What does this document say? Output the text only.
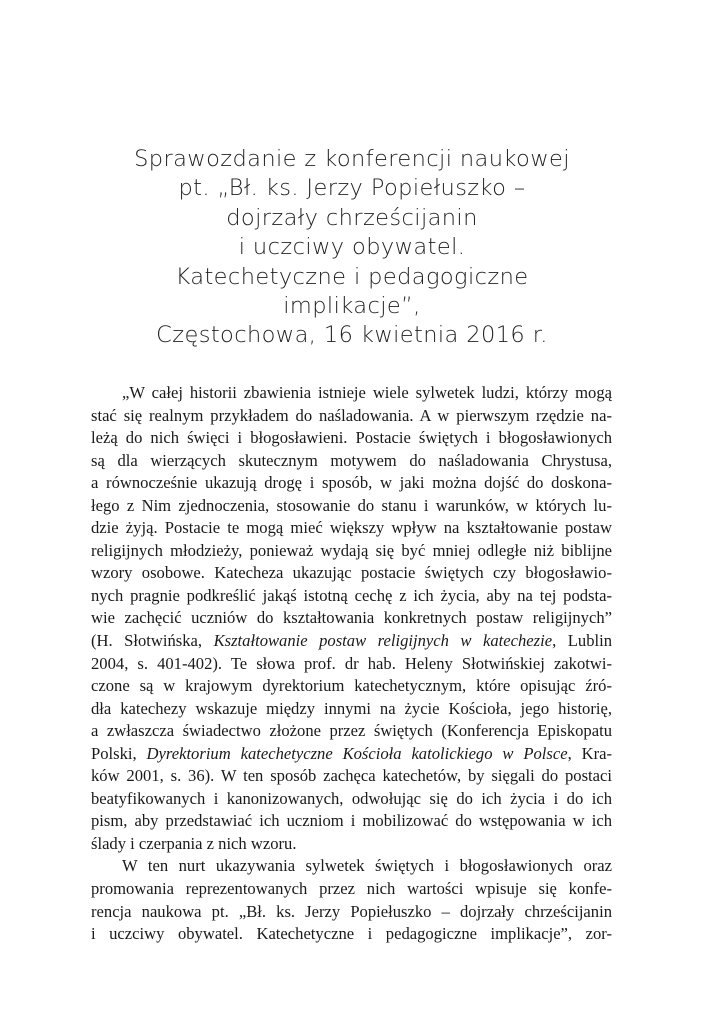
Sprawozdanie z konferencji naukowej
pt. „Bł. ks. Jerzy Popiełuszko –
dojrzały chrześcijanin
i uczciwy obywatel.
Katechetyczne i pedagogiczne
implikacje”,
Częstochowa, 16 kwietnia 2016 r.
„W całej historii zbawienia istnieje wiele sylwetek ludzi, którzy mogą
stać się realnym przykładem do naśladowania. A w pierwszym rzędzie na-
leżą do nich święci i błogosławieni. Postacie świętych i błogosławionych
są dla wierzących skutecznym motywem do naśladowania Chrystusa,
a równocześnie ukazują drogę i sposób, w jaki można dojść do doskona-
łego z Nim zjednoczenia, stosowanie do stanu i warunków, w których lu-
dzie żyją. Postacie te mogą mieć większy wpływ na kształtowanie postaw
religijnych młodzieży, ponieważ wydają się być mniej odległe niż biblijne
wzory osobowe. Katecheza ukazując postacie świętych czy błogosławio-
nych pragnie podkreślić jakąś istotną cechę z ich życia, aby na tej podsta-
wie zachęcić uczniów do kształtowania konkretnych postaw religijnych”
(H. Słotwińska, Kształtowanie postaw religijnych w katechezie, Lublin
2004, s. 401-402). Te słowa prof. dr hab. Heleny Słotwińskiej zakotwi-
czone są w krajowym dyrektorium katechetycznym, które opisując źró-
dła katechezy wskazuje między innymi na życie Kościoła, jego historię,
a zwłaszcza świadectwo złożone przez świętych (Konferencja Episkopatu
Polski, Dyrektorium katechetyczne Kościoła katolickiego w Polsce, Kra-
ków 2001, s. 36). W ten sposób zachęca katechetów, by sięgali do postaci
beatyfikowanych i kanonizowanych, odwołując się do ich życia i do ich
pism, aby przedstawiać ich uczniom i mobilizować do wstępowania w ich
ślady i czerpania z nich wzoru.
W ten nurt ukazywania sylwetek świętych i błogosławionych oraz
promowania reprezentowanych przez nich wartości wpisuje się konfe-
rencja naukowa pt. „Bł. ks. Jerzy Popiełuszko – dojrzały chrześcijanin
i uczciwy obywatel. Katechetyczne i pedagogiczne implikacje”, zor-
